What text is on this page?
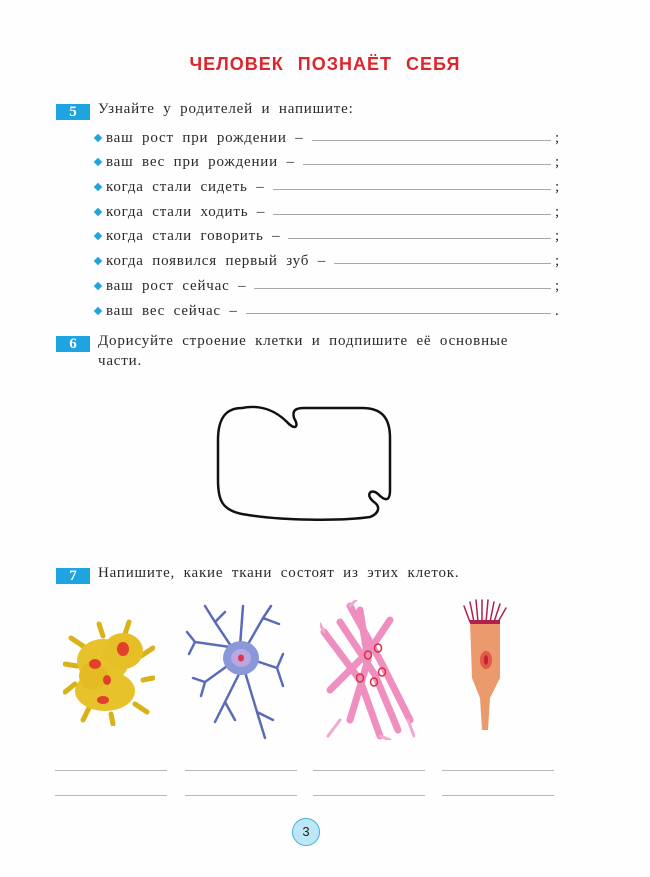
ЧЕЛОВЕК ПОЗНАЁТ СЕБЯ
5	Узнайте у родителей и напишите:
ваш рост при рождении –	;
ваш вес при рождении –	;
когда стали сидеть –	;
когда стали ходить –	;
когда стали говорить –	;
когда появился первый зуб –	;
ваш рост сейчас –	;
ваш вес сейчас –	.
6	Дорисуйте строение клетки и подпишите её основные
части.
7	Напишите, какие ткани состоят из этих клеток.
3
